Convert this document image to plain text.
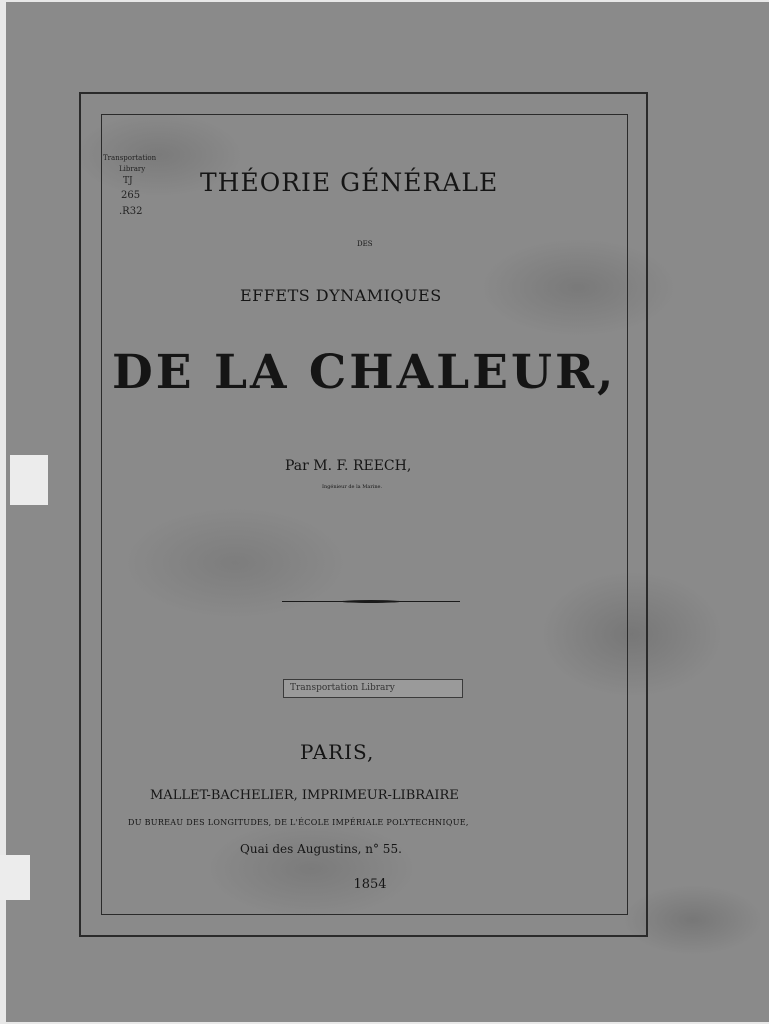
Transportation
Library
TJ
265
.R32
THÉORIE GÉNÉRALE
DES
EFFETS DYNAMIQUES
DE LA CHALEUR,
Par M. F. REECH,
Ingénieur de la Marine.
Transportation Library
PARIS,
MALLET-BACHELIER, IMPRIMEUR-LIBRAIRE
DU BUREAU DES LONGITUDES, DE L'ÉCOLE IMPÉRIALE POLYTECHNIQUE,
Quai des Augustins, n° 55.
1854
